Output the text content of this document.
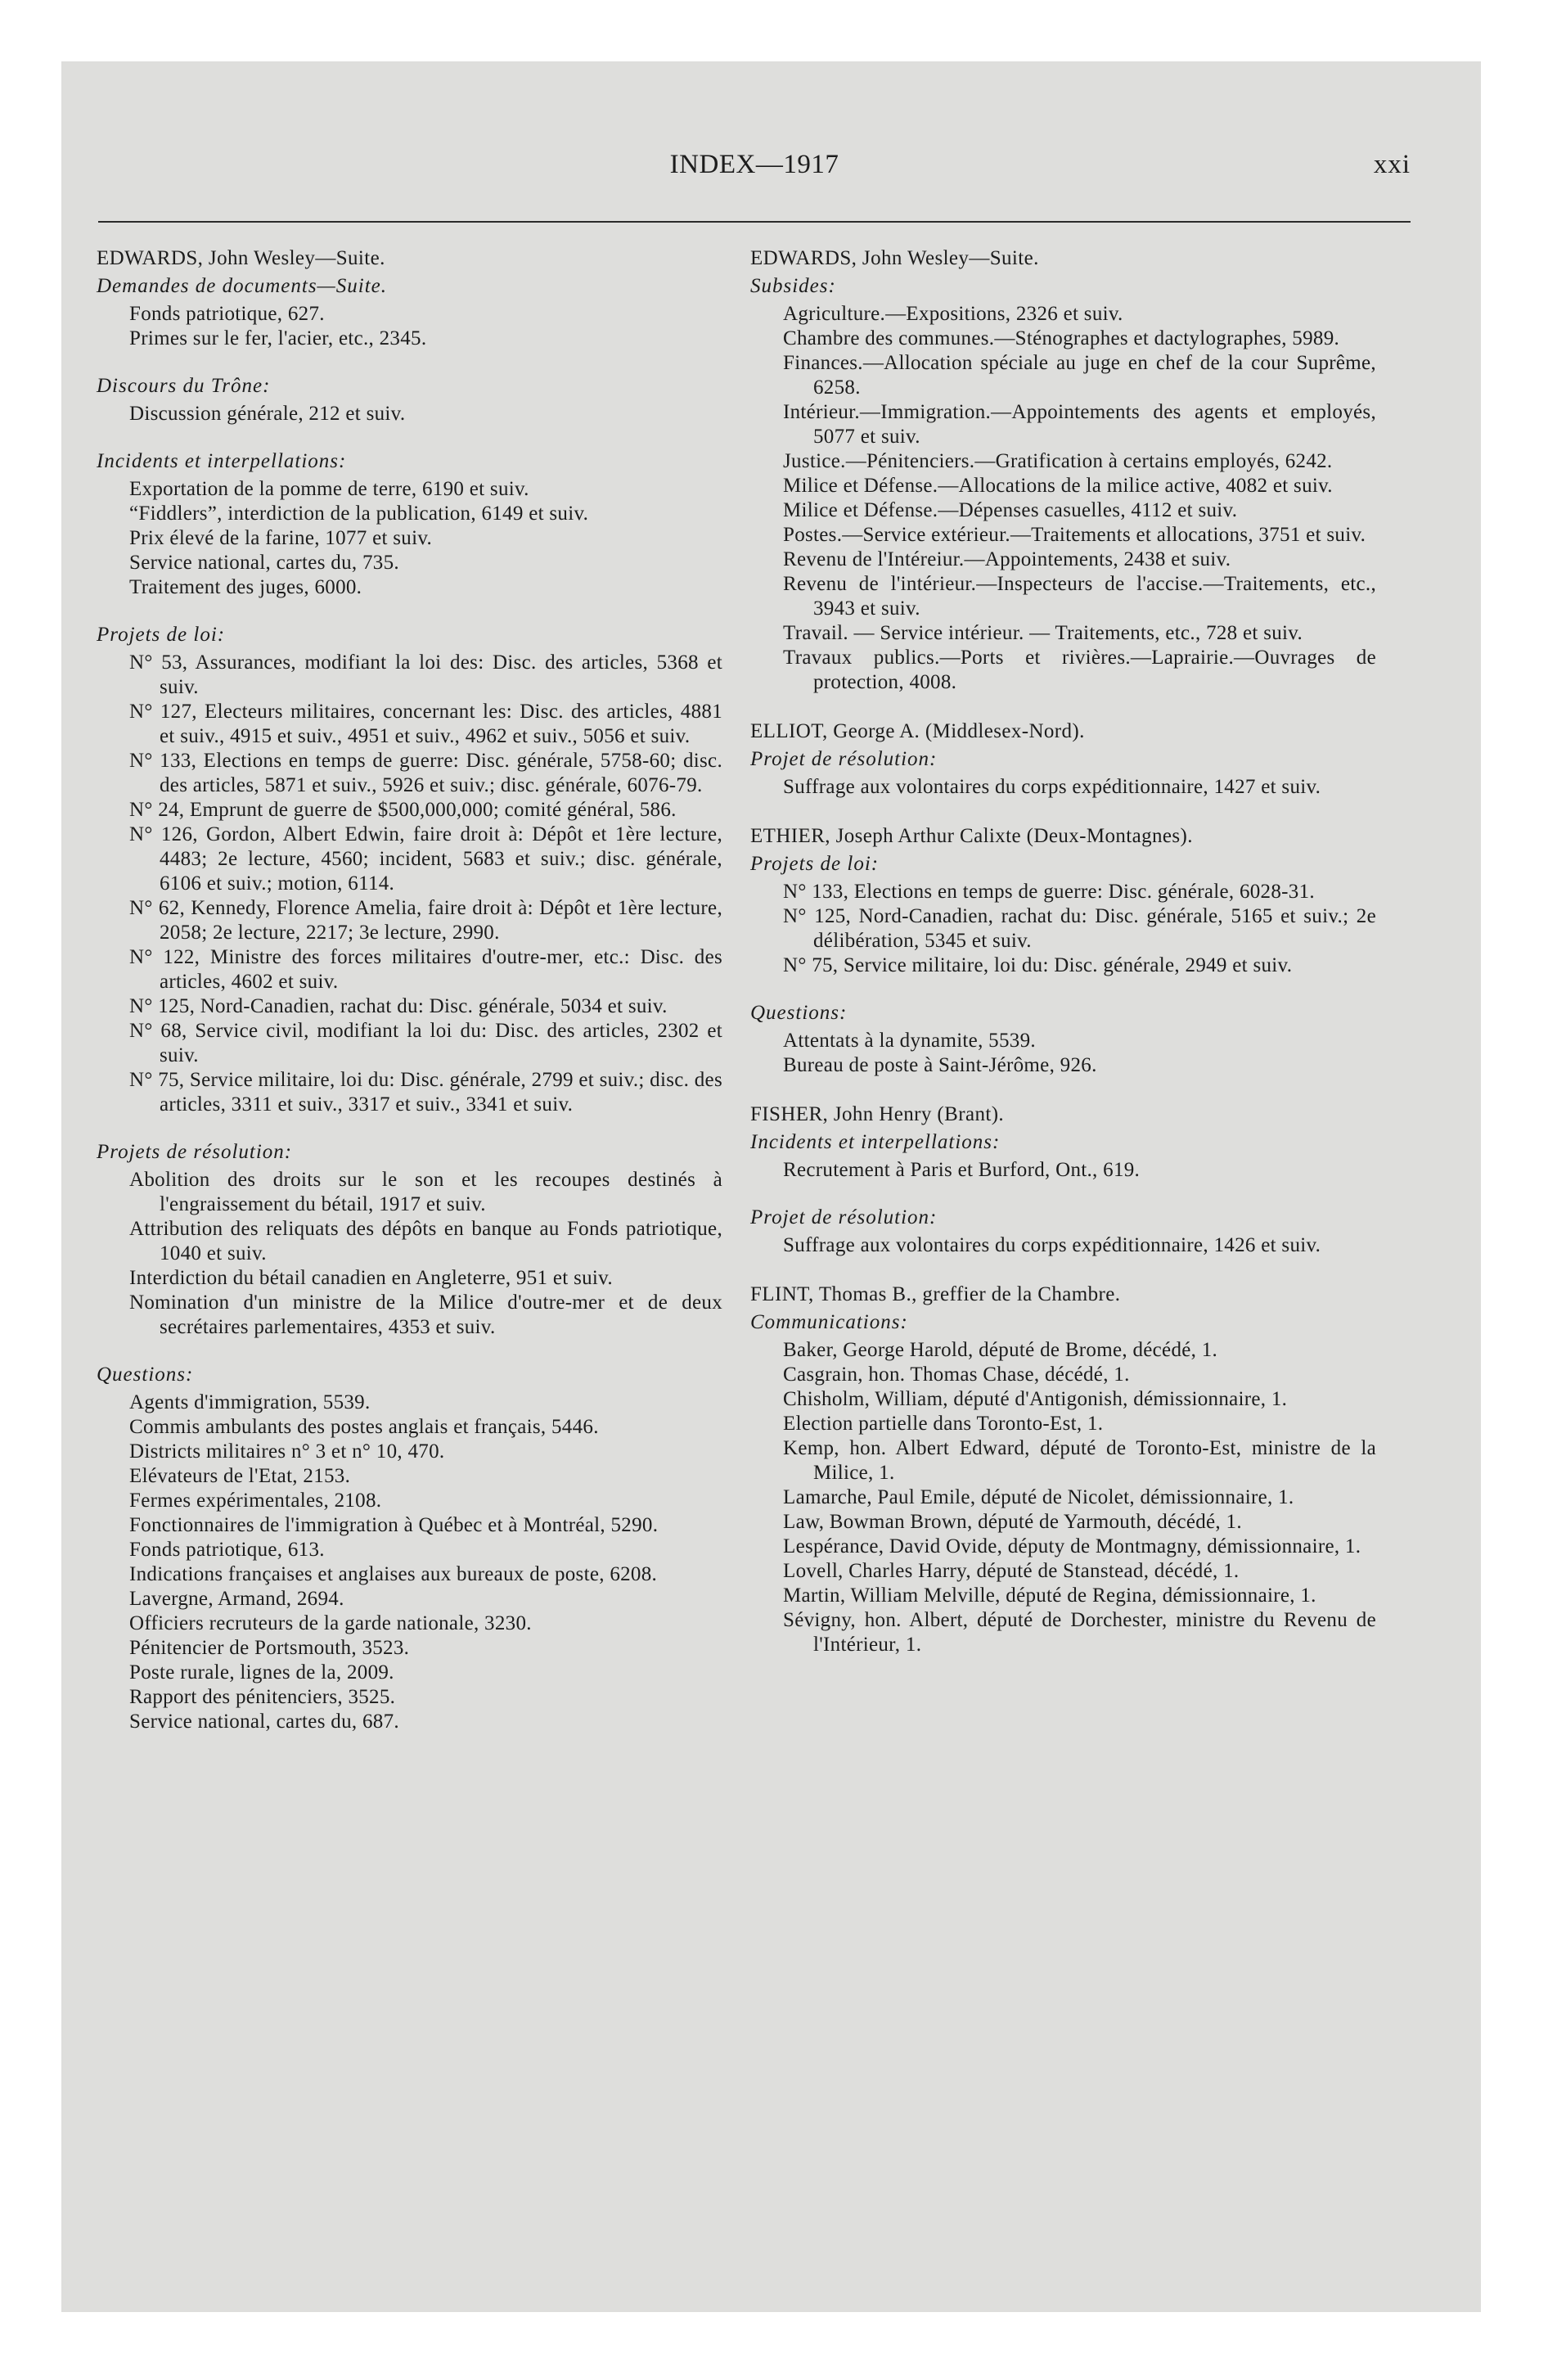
INDEX—1917	xxi

EDWARDS, John Wesley—Suite.

Demandes de documents—Suite.

Fonds patriotique, 627.

Primes sur le fer, l'acier, etc., 2345.

Discours du Trône:

Discussion générale, 212 et suiv.

Incidents et interpellations:

Exportation de la pomme de terre, 6190 et suiv.

“Fiddlers”, interdiction de la publication, 6149 et suiv.

Prix élevé de la farine, 1077 et suiv.

Service national, cartes du, 735.

Traitement des juges, 6000.

Projets de loi:

N° 53, Assurances, modifiant la loi des: Disc. des articles, 5368 et suiv.

N° 127, Electeurs militaires, concernant les: Disc. des articles, 4881 et suiv., 4915 et suiv., 4951 et suiv., 4962 et suiv., 5056 et suiv.

N° 133, Elections en temps de guerre: Disc. générale, 5758-60; disc. des articles, 5871 et suiv., 5926 et suiv.; disc. générale, 6076-79.

N° 24, Emprunt de guerre de $500,000,000; comité général, 586.

N° 126, Gordon, Albert Edwin, faire droit à: Dépôt et 1ère lecture, 4483; 2e lecture, 4560; incident, 5683 et suiv.; disc. générale, 6106 et suiv.; motion, 6114.

N° 62, Kennedy, Florence Amelia, faire droit à: Dépôt et 1ère lecture, 2058; 2e lecture, 2217; 3e lecture, 2990.

N° 122, Ministre des forces militaires d'outre-mer, etc.: Disc. des articles, 4602 et suiv.

N° 125, Nord-Canadien, rachat du: Disc. générale, 5034 et suiv.

N° 68, Service civil, modifiant la loi du: Disc. des articles, 2302 et suiv.

N° 75, Service militaire, loi du: Disc. générale, 2799 et suiv.; disc. des articles, 3311 et suiv., 3317 et suiv., 3341 et suiv.

Projets de résolution:

Abolition des droits sur le son et les recoupes destinés à l'engraissement du bétail, 1917 et suiv.

Attribution des reliquats des dépôts en banque au Fonds patriotique, 1040 et suiv.

Interdiction du bétail canadien en Angleterre, 951 et suiv.

Nomination d'un ministre de la Milice d'outre-mer et de deux secrétaires parlementaires, 4353 et suiv.

Questions:

Agents d'immigration, 5539.

Commis ambulants des postes anglais et français, 5446.

Districts militaires n° 3 et n° 10, 470.

Elévateurs de l'Etat, 2153.

Fermes expérimentales, 2108.

Fonctionnaires de l'immigration à Québec et à Montréal, 5290.

Fonds patriotique, 613.

Indications françaises et anglaises aux bureaux de poste, 6208.

Lavergne, Armand, 2694.

Officiers recruteurs de la garde nationale, 3230.

Pénitencier de Portsmouth, 3523.

Poste rurale, lignes de la, 2009.

Rapport des pénitenciers, 3525.

Service national, cartes du, 687.

EDWARDS, John Wesley—Suite.

Subsides:

Agriculture.—Expositions, 2326 et suiv.

Chambre des communes.—Sténographes et dactylographes, 5989.

Finances.—Allocation spéciale au juge en chef de la cour Suprême, 6258.

Intérieur.—Immigration.—Appointements des agents et employés, 5077 et suiv.

Justice.—Pénitenciers.—Gratification à certains employés, 6242.

Milice et Défense.—Allocations de la milice active, 4082 et suiv.

Milice et Défense.—Dépenses casuelles, 4112 et suiv.

Postes.—Service extérieur.—Traitements et allocations, 3751 et suiv.

Revenu de l'Intéreiur.—Appointements, 2438 et suiv.

Revenu de l'intérieur.—Inspecteurs de l'accise.—Traitements, etc., 3943 et suiv.

Travail. — Service intérieur. — Traitements, etc., 728 et suiv.

Travaux publics.—Ports et rivières.—Laprairie.—Ouvrages de protection, 4008.

ELLIOT, George A. (Middlesex-Nord).

Projet de résolution:

Suffrage aux volontaires du corps expéditionnaire, 1427 et suiv.

ETHIER, Joseph Arthur Calixte (Deux-Montagnes).

Projets de loi:

N° 133, Elections en temps de guerre: Disc. générale, 6028-31.

N° 125, Nord-Canadien, rachat du: Disc. générale, 5165 et suiv.; 2e délibération, 5345 et suiv.

N° 75, Service militaire, loi du: Disc. générale, 2949 et suiv.

Questions:

Attentats à la dynamite, 5539.

Bureau de poste à Saint-Jérôme, 926.

FISHER, John Henry (Brant).

Incidents et interpellations:

Recrutement à Paris et Burford, Ont., 619.

Projet de résolution:

Suffrage aux volontaires du corps expéditionnaire, 1426 et suiv.

FLINT, Thomas B., greffier de la Chambre.

Communications:

Baker, George Harold, député de Brome, décédé, 1.

Casgrain, hon. Thomas Chase, décédé, 1.

Chisholm, William, député d'Antigonish, démissionnaire, 1.

Election partielle dans Toronto-Est, 1.

Kemp, hon. Albert Edward, député de Toronto-Est, ministre de la Milice, 1.

Lamarche, Paul Emile, député de Nicolet, démissionnaire, 1.

Law, Bowman Brown, député de Yarmouth, décédé, 1.

Lespérance, David Ovide, députy de Montmagny, démissionnaire, 1.

Lovell, Charles Harry, député de Stanstead, décédé, 1.

Martin, William Melville, député de Regina, démissionnaire, 1.

Sévigny, hon. Albert, député de Dorchester, ministre du Revenu de l'Intérieur, 1.
